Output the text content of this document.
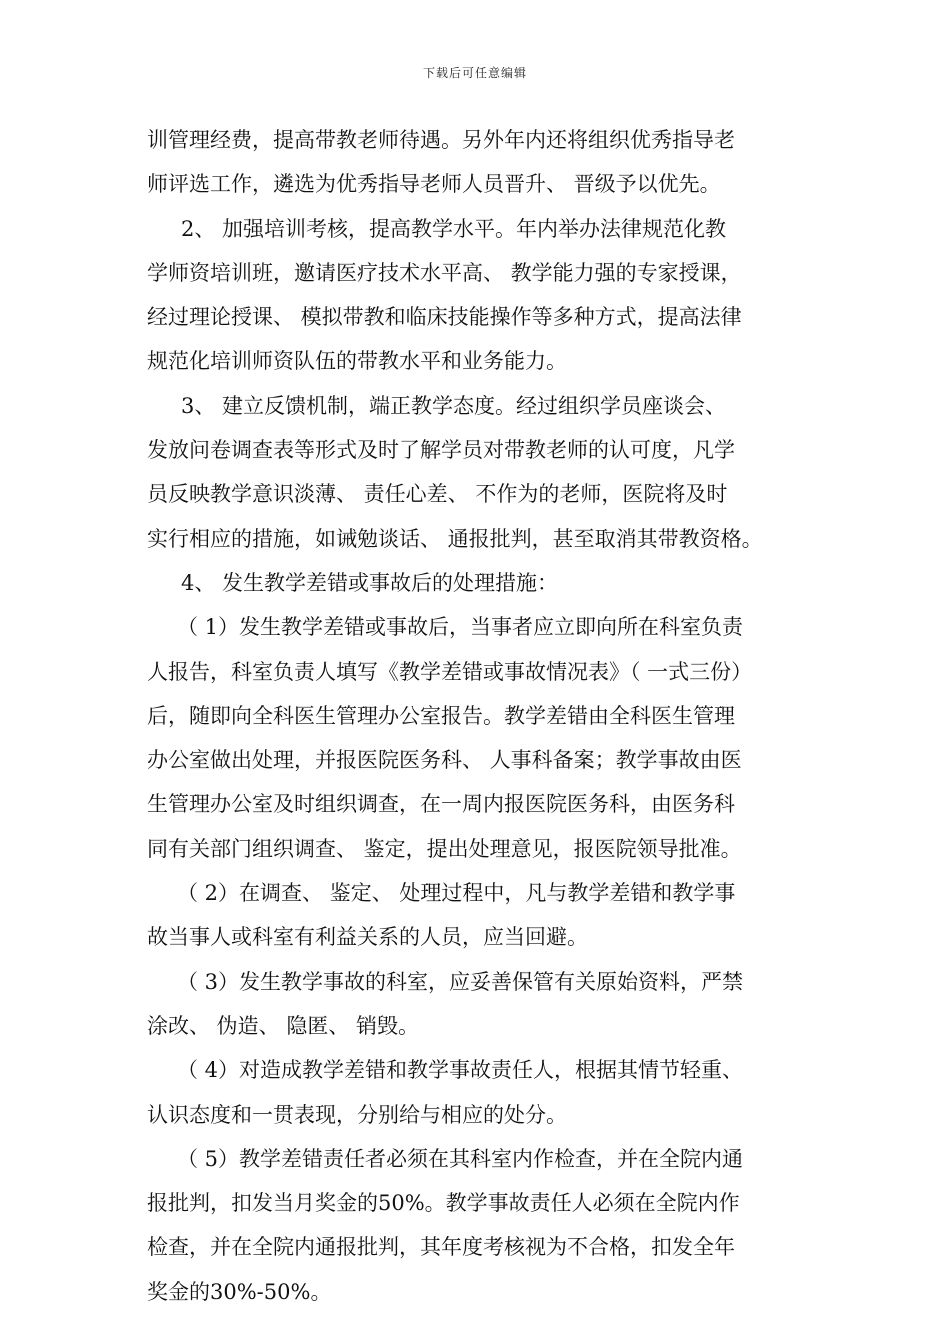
下载后可任意编辑
训管理经费，提高带教老师待遇。另外年内还将组织优秀指导老
师评选工作，遴选为优秀指导老师人员晋升、 晋级予以优先。
2、 加强培训考核，提高教学水平。年内举办法律规范化教
学师资培训班，邀请医疗技术水平高、 教学能力强的专家授课，
经过理论授课、 模拟带教和临床技能操作等多种方式，提高法律
规范化培训师资队伍的带教水平和业务能力。
3、 建立反馈机制，端正教学态度。经过组织学员座谈会、
发放问卷调查表等形式及时了解学员对带教老师的认可度，凡学
员反映教学意识淡薄、 责任心差、 不作为的老师，医院将及时
实行相应的措施，如诫勉谈话、 通报批判，甚至取消其带教资格。
4、 发生教学差错或事故后的处理措施：
（ 1）发生教学差错或事故后，当事者应立即向所在科室负责
人报告，科室负责人填写《教学差错或事故情况表》（ 一式三份）
后，随即向全科医生管理办公室报告。教学差错由全科医生管理
办公室做出处理，并报医院医务科、 人事科备案；教学事故由医
生管理办公室及时组织调查，在一周内报医院医务科，由医务科
同有关部门组织调查、 鉴定，提出处理意见，报医院领导批准。
（ 2）在调查、 鉴定、 处理过程中，凡与教学差错和教学事
故当事人或科室有利益关系的人员，应当回避。
（ 3）发生教学事故的科室，应妥善保管有关原始资料，严禁
涂改、 伪造、 隐匿、 销毁。
（ 4）对造成教学差错和教学事故责任人，根据其情节轻重、
认识态度和一贯表现，分别给与相应的处分。
（ 5）教学差错责任者必须在其科室内作检查，并在全院内通
报批判，扣发当月奖金的50%。教学事故责任人必须在全院内作
检查，并在全院内通报批判，其年度考核视为不合格，扣发全年
奖金的30%-50%。
